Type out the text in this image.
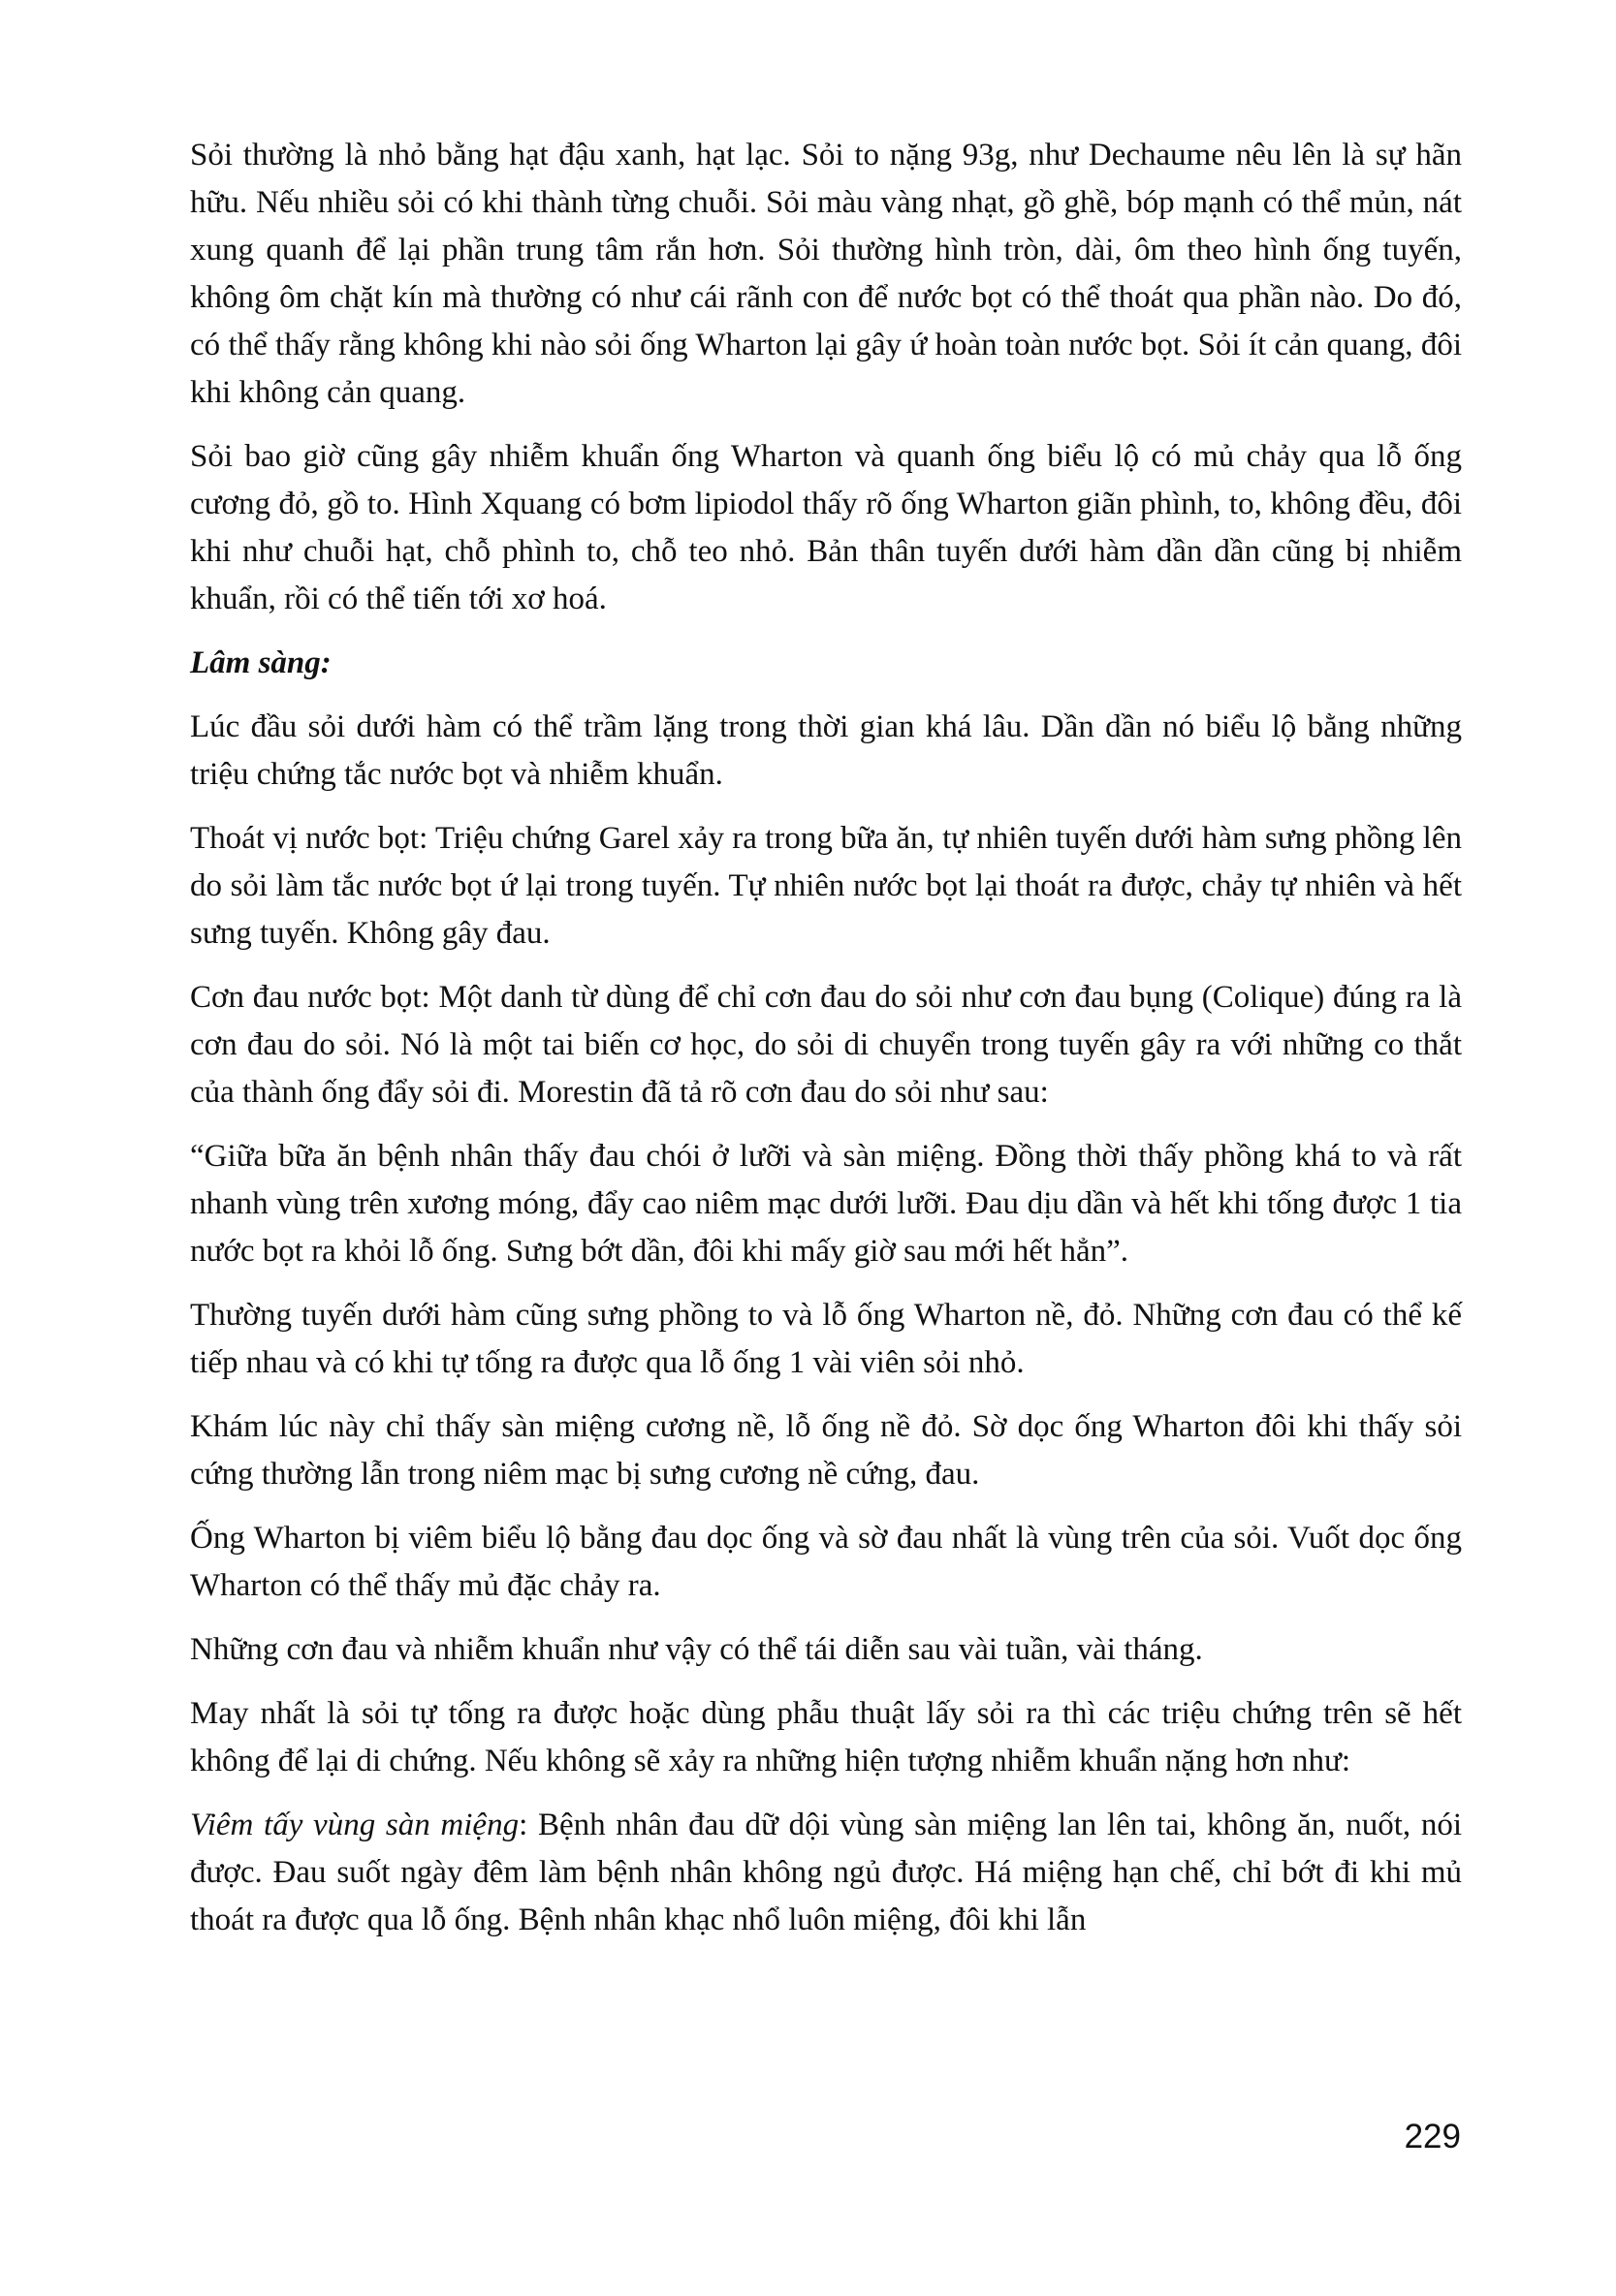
Sỏi thường là nhỏ bằng hạt đậu xanh, hạt lạc. Sỏi to nặng 93g, như Dechaume nêu lên là sự hãn hữu. Nếu nhiều sỏi có khi thành từng chuỗi. Sỏi màu vàng nhạt, gồ ghề, bóp mạnh có thể mủn, nát xung quanh để lại phần trung tâm rắn hơn. Sỏi thường hình tròn, dài, ôm theo hình ống tuyến, không ôm chặt kín mà thường có như cái rãnh con để nước bọt có thể thoát qua phần nào. Do đó, có thể thấy rằng không khi nào sỏi ống Wharton lại gây ứ hoàn toàn nước bọt. Sỏi ít cản quang, đôi khi không cản quang.

Sỏi bao giờ cũng gây nhiễm khuẩn ống Wharton và quanh ống biểu lộ có mủ chảy qua lỗ ống cương đỏ, gồ to. Hình Xquang có bơm lipiodol thấy rõ ống Wharton giãn phình, to, không đều, đôi khi như chuỗi hạt, chỗ phình to, chỗ teo nhỏ. Bản thân tuyến dưới hàm dần dần cũng bị nhiễm khuẩn, rồi có thể tiến tới xơ hoá.

Lâm sàng:

Lúc đầu sỏi dưới hàm có thể trầm lặng trong thời gian khá lâu. Dần dần nó biểu lộ bằng những triệu chứng tắc nước bọt và nhiễm khuẩn.

Thoát vị nước bọt: Triệu chứng Garel xảy ra trong bữa ăn, tự nhiên tuyến dưới hàm sưng phồng lên do sỏi làm tắc nước bọt ứ lại trong tuyến. Tự nhiên nước bọt lại thoát ra được, chảy tự nhiên và hết sưng tuyến. Không gây đau.

Cơn đau nước bọt: Một danh từ dùng để chỉ cơn đau do sỏi như cơn đau bụng (Colique) đúng ra là cơn đau do sỏi. Nó là một tai biến cơ học, do sỏi di chuyển trong tuyến gây ra với những co thắt của thành ống đẩy sỏi đi. Morestin đã tả rõ cơn đau do sỏi như sau:

“Giữa bữa ăn bệnh nhân thấy đau chói ở lưỡi và sàn miệng. Đồng thời thấy phồng khá to và rất nhanh vùng trên xương móng, đẩy cao niêm mạc dưới lưỡi. Đau dịu dần và hết khi tống được 1 tia nước bọt ra khỏi lỗ ống. Sưng bớt dần, đôi khi mấy giờ sau mới hết hẳn”.

Thường tuyến dưới hàm cũng sưng phồng to và lỗ ống Wharton nề, đỏ. Những cơn đau có thể kế tiếp nhau và có khi tự tống ra được qua lỗ ống 1 vài viên sỏi nhỏ.

Khám lúc này chỉ thấy sàn miệng cương nề, lỗ ống nề đỏ. Sờ dọc ống Wharton đôi khi thấy sỏi cứng thường lẫn trong niêm mạc bị sưng cương nề cứng, đau.

Ống Wharton bị viêm biểu lộ bằng đau dọc ống và sờ đau nhất là vùng trên của sỏi. Vuốt dọc ống Wharton có thể thấy mủ đặc chảy ra.

Những cơn đau và nhiễm khuẩn như vậy có thể tái diễn sau vài tuần, vài tháng.

May nhất là sỏi tự tống ra được hoặc dùng phẫu thuật lấy sỏi ra thì các triệu chứng trên sẽ hết không để lại di chứng. Nếu không sẽ xảy ra những hiện tượng nhiễm khuẩn nặng hơn như:

Viêm tấy vùng sàn miệng: Bệnh nhân đau dữ dội vùng sàn miệng lan lên tai, không ăn, nuốt, nói được. Đau suốt ngày đêm làm bệnh nhân không ngủ được. Há miệng hạn chế, chỉ bớt đi khi mủ thoát ra được qua lỗ ống. Bệnh nhân khạc nhổ luôn miệng, đôi khi lẫn

229
